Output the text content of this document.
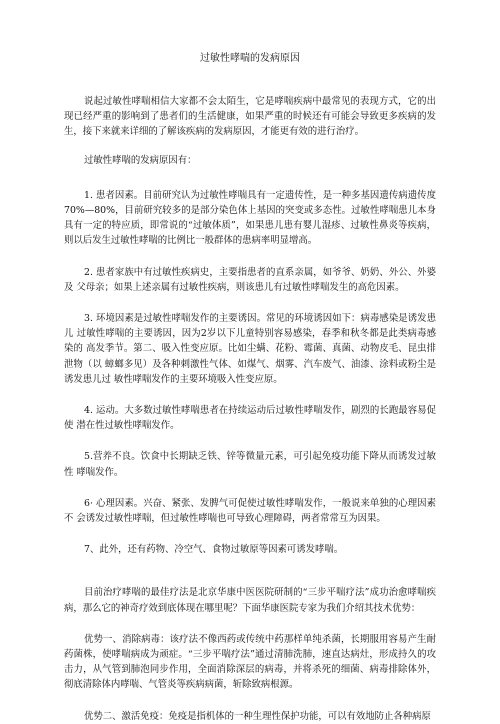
过敏性哮喘的发病原因

说起过敏性哮喘相信大家都不会太陌生，它是哮喘疾病中最常见的表现方式，它的出现已经严重的影响到了患者们的生活健康，如果严重的时候还有可能会导致更多疾病的发生，接下来就来详细的了解该疾病的发病原因，才能更有效的进行治疗。

过敏性哮喘的发病原因有：

1. 患者因素。目前研究认为过敏性哮喘具有一定遗传性，是一种多基因遗传病遗传度 70%—80%，目前研究较多的是部分染色体上基因的突变或多态性。过敏性哮喘患儿本身具有一定的特应质，即常说的“过敏体质”，如果患儿患有婴儿湿疹、过敏性鼻炎等疾病，则以后发生过敏性哮喘的比例比一般群体的患病率明显增高。

2. 患者家族中有过敏性疾病史，主要指患者的直系亲属，如爷爷、奶奶、外公、外婆及 父母亲；如果上述亲属有过敏性疾病，则该患儿有过敏性哮喘发生的高危因素。

3. 环境因素是过敏性哮喘发作的主要诱因。常见的环境诱因如下：病毒感染是诱发患儿 过敏性哮喘的主要诱因，因为2岁以下儿童特别容易感染，春季和秋冬都是此类病毒感染的 高发季节。第二、吸入性变应原。比如尘螨、花粉、霉菌、真菌、动物皮毛、昆虫排泄物（以 蟑螂多见）及各种刺激性气体、如煤气、烟雾、汽车废气、油漆、涂料或粉尘是诱发患儿过 敏性哮喘发作的主要环境吸入性变应原。

4. 运动。大多数过敏性哮喘患者在持续运动后过敏性哮喘发作，剧烈的长跑最容易促使 潜在性过敏性哮喘发作。

5.营养不良。饮食中长期缺乏铁、锌等微量元素，可引起免疫功能下降从而诱发过敏性 哮喘发作。

6· 心理因素。兴奋、紧张、发脾气可促使过敏性哮喘发作，一般说来单独的心理因素不 会诱发过敏性哮喘，但过敏性哮喘也可导致心理障碍，两者常常互为因果。

7、此外，还有药物、冷空气、食物过敏原等因素可诱发哮喘。

目前治疗哮喘的最佳疗法是北京华康中医医院研制的“三步平喘疗法”成功治愈哮喘疾病，那么它的神奇疗效到底体现在哪里呢？下面华康医院专家为我们介绍其技术优势：

优势一、消除病毒：该疗法不像西药或传统中药那样单纯杀菌，长期服用容易产生耐药菌株，使哮喘病成为顽症。“三步平喘疗法”通过清肺洗肺，速直达病灶，形成持久的攻 击力，从气管到肺泡同步作用，全面消除深层的病毒，并将杀死的细菌、病毒排除体外， 彻底清除体内哮喘、气管炎等疾病病菌，斩除致病根源。

优势二、激活免疫：免疫是指机体的一种生理性保护功能，可以有效地防止各种病原
